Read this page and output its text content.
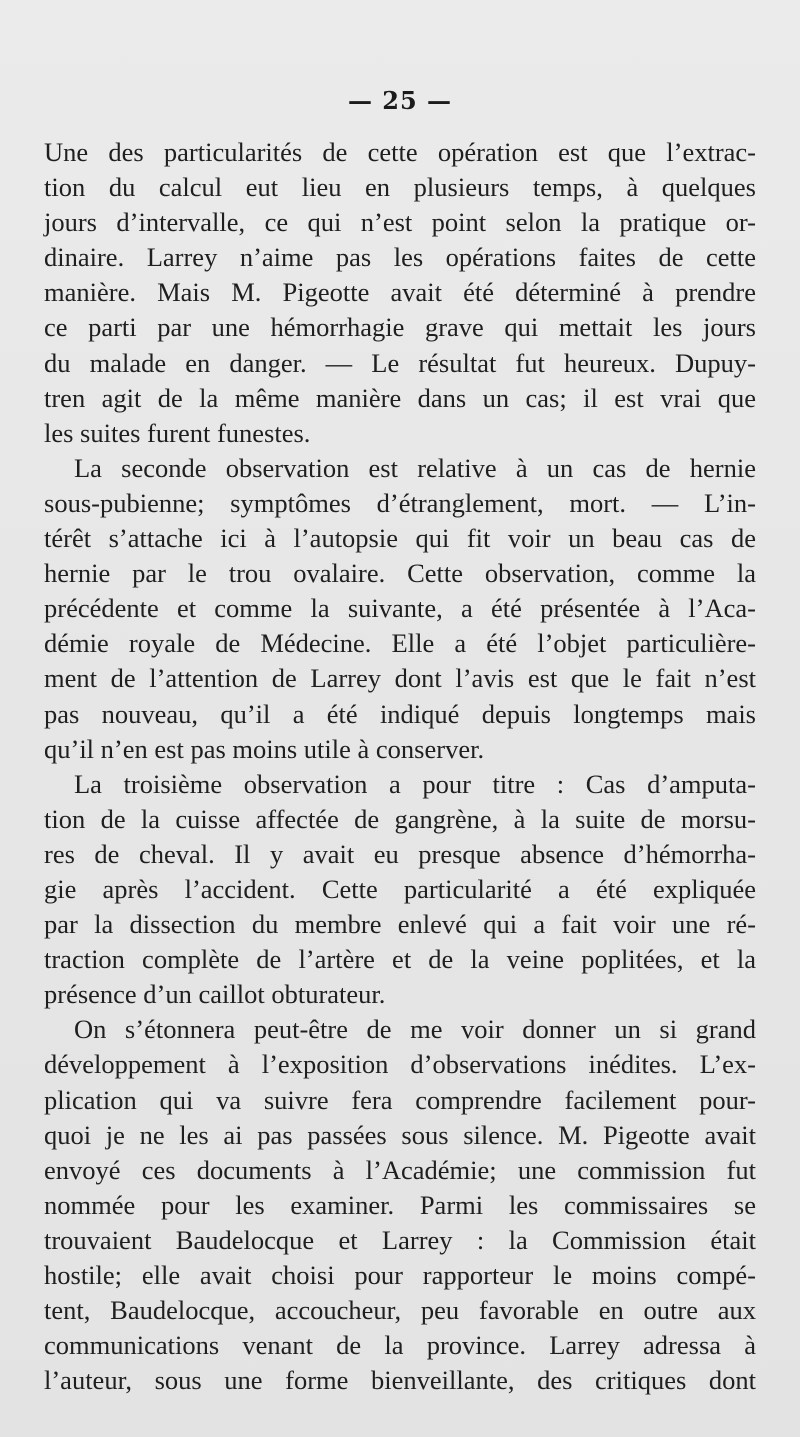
— 25 —
Une des particularités de cette opération est que l’extrac-
tion du calcul eut lieu en plusieurs temps, à quelques
jours d’intervalle, ce qui n’est point selon la pratique or-
dinaire. Larrey n’aime pas les opérations faites de cette
manière. Mais M. Pigeotte avait été déterminé à prendre
ce parti par une hémorrhagie grave qui mettait les jours
du malade en danger. — Le résultat fut heureux. Dupuy-
tren agit de la même manière dans un cas; il est vrai que
les suites furent funestes.
La seconde observation est relative à un cas de hernie
sous-pubienne; symptômes d’étranglement, mort. — L’in-
térêt s’attache ici à l’autopsie qui fit voir un beau cas de
hernie par le trou ovalaire. Cette observation, comme la
précédente et comme la suivante, a été présentée à l’Aca-
démie royale de Médecine. Elle a été l’objet particulière-
ment de l’attention de Larrey dont l’avis est que le fait n’est
pas nouveau, qu’il a été indiqué depuis longtemps mais
qu’il n’en est pas moins utile à conserver.
La troisième observation a pour titre : Cas d’amputa-
tion de la cuisse affectée de gangrène, à la suite de morsu-
res de cheval. Il y avait eu presque absence d’hémorrha-
gie après l’accident. Cette particularité a été expliquée
par la dissection du membre enlevé qui a fait voir une ré-
traction complète de l’artère et de la veine poplitées, et la
présence d’un caillot obturateur.
On s’étonnera peut-être de me voir donner un si grand
développement à l’exposition d’observations inédites. L’ex-
plication qui va suivre fera comprendre facilement pour-
quoi je ne les ai pas passées sous silence. M. Pigeotte avait
envoyé ces documents à l’Académie; une commission fut
nommée pour les examiner. Parmi les commissaires se
trouvaient Baudelocque et Larrey : la Commission était
hostile; elle avait choisi pour rapporteur le moins compé-
tent, Baudelocque, accoucheur, peu favorable en outre aux
communications venant de la province. Larrey adressa à
l’auteur, sous une forme bienveillante, des critiques dont
